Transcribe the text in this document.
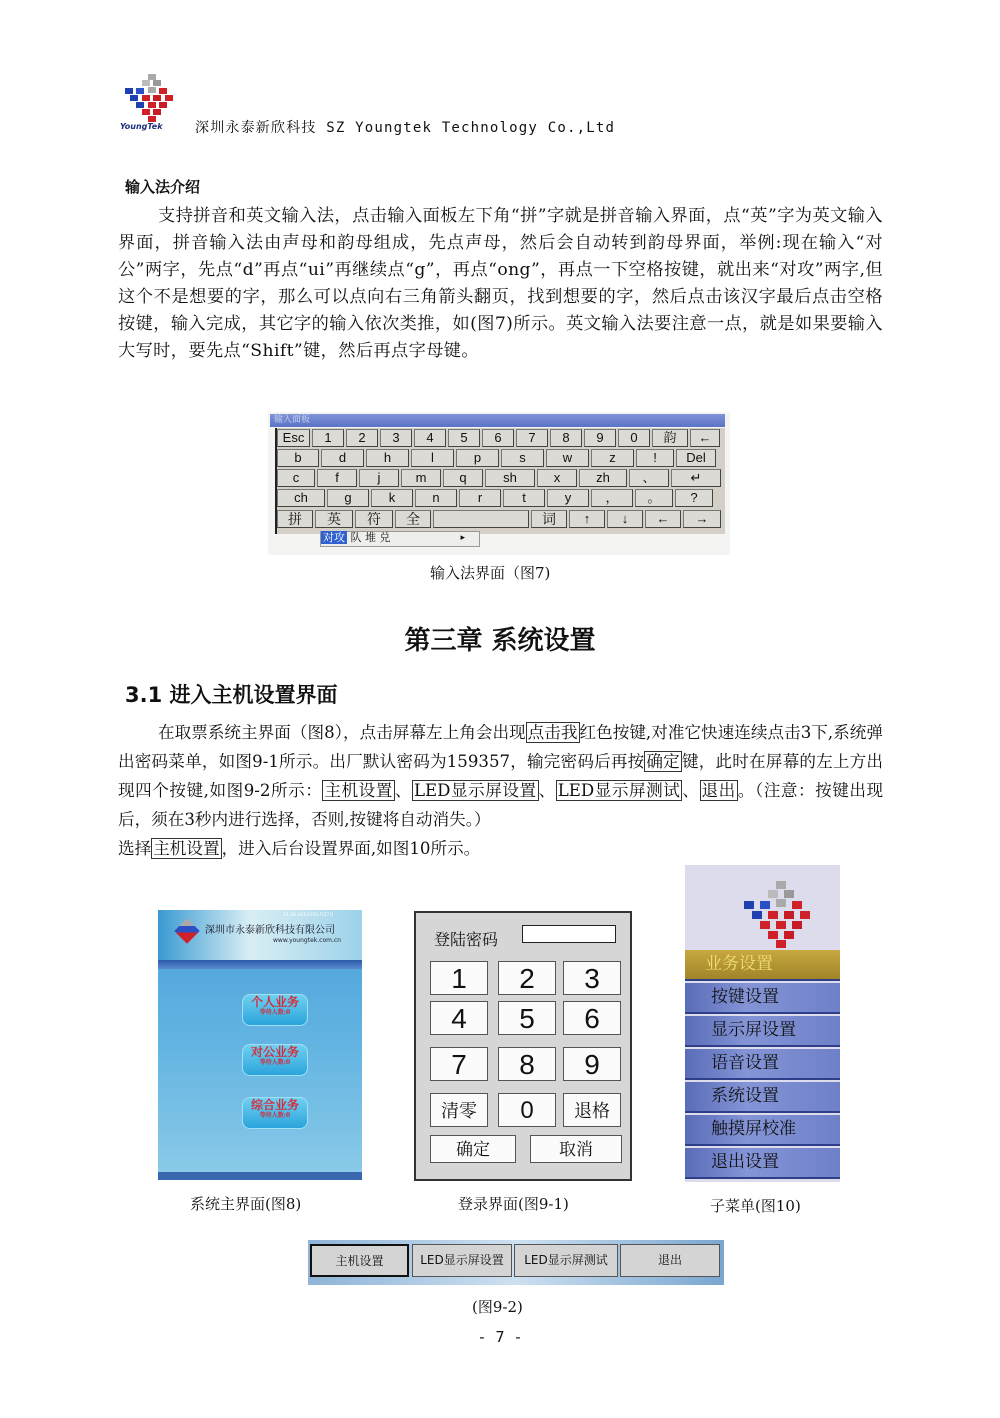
YoungTek 深圳永泰新欣科技 SZ Youngtek Technology Co.,Ltd
输入法介绍

支持拼音和英文输入法，点击输入面板左下角“拼”字就是拼音输入界面，点“英”字为英文输入界面，拼音输入法由声母和韵母组成，先点声母，然后会自动转到韵母界面，举例:现在输入“对公”两字，先点“d”再点“ui”再继续点“g”，再点“ong”，再点一下空格按键，就出来“对攻”两字,但这个不是想要的字，那么可以点向右三角箭头翻页，找到想要的字，然后点击该汉字最后点击空格按键，输入完成，其它字的输入依次类推，如(图7)所示。英文输入法要注意一点，就是如果要输入大写时，要先点“Shift”键，然后再点字母键。

输入面板
Esc	1	2	3	4	5	6	7	8	9	0	韵	←
b	d	h	l	p	s	w	z	!	Del
c	f	j	m	q	sh	x	zh	、	↵
ch	g	k	n	r	t	y	，	。	?
拼	英	符	全	词	↑	↓	←	→
对攻 队 堆 兑	▸
输入法界面（图7)
第三章 系统设置
3.1 进入主机设置界面

在取票系统主界面（图8），点击屏幕左上角会出现 点击我 红色按键,对准它快速连续点击3下,系统弹出密码菜单，如图9-1所示。出厂默认密码为159357，输完密码后再按 确定 键，此时在屏幕的左上方出现四个按键,如图9-2所示： 主机设置 、 LED显示屏设置 、 LED显示屏测试 、 退出 。（注意：按键出现后，须在3秒内进行选择，否则,按键将自动消失。）

选择 主机设置 ，进入后台设置界面,如图10所示。

深圳市永泰新欣科技有限公司
www.youngtek.com.cn
11:34 2013年01月27日
个人业务
等待人数:0
对公业务
等待人数:0
综合业务
等待人数:0
系统主界面(图8)
登陆密码
1	2	3
4	5	6
7	8	9
清零	0	退格
确定	取消
登录界面(图9-1)
业务设置
按键设置
显示屏设置
语音设置
系统设置
触摸屏校准
退出设置
子菜单(图10)
主机设置	LED显示屏设置	LED显示屏测试	退出
(图9-2)
- 7 -
